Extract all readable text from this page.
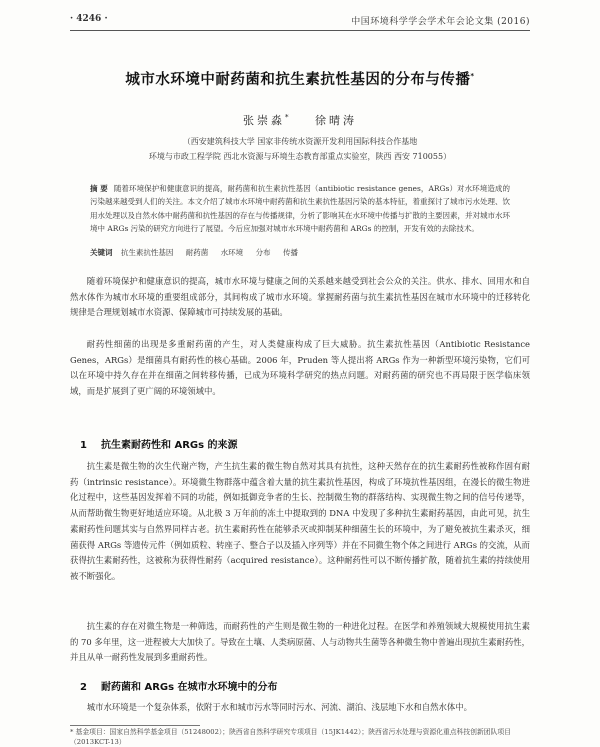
· 4246 ·	中国环境科学学会学术年会论文集 (2016)
城市水环境中耐药菌和抗生素抗性基因的分布与传播*
张崇淼* 徐晴涛
（西安建筑科技大学 国家非传统水资源开发利用国际科技合作基地
环境与市政工程学院 西北水资源与环境生态教育部重点实验室，陕西 西安 710055）
摘 要 随着环境保护和健康意识的提高，耐药菌和抗生素抗性基因（antibiotic resistance genes，ARGs）对水环境造成的污染越来越受到人们的关注。本文介绍了城市水环境中耐药菌和抗生素抗性基因污染的基本特征，着重探讨了城市污水处理、饮用水处理以及自然水体中耐药菌和抗性基因的存在与传播规律，分析了影响其在水环境中传播与扩散的主要因素，并对城市水环境中 ARGs 污染的研究方向进行了展望。今后应加强对城市水环境中耐药菌和 ARGs 的控制，开发有效的去除技术。
关键词 抗生素抗性基因 耐药菌 水环境 分布 传播

随着环境保护和健康意识的提高，城市水环境与健康之间的关系越来越受到社会公众的关注。供水、排水、回用水和自然水体作为城市水环境的重要组成部分，其间构成了城市水环境。掌握耐药菌与抗生素抗性基因在城市水环境中的迁移转化规律是合理规划城市水资源、保障城市可持续发展的基础。

耐药性细菌的出现是多重耐药菌的产生，对人类健康构成了巨大威胁。抗生素抗性基因（Antibiotic Resistance Genes，ARGs）是细菌具有耐药性的核心基础。2006 年，Pruden 等人提出将 ARGs 作为一种新型环境污染物，它们可以在环境中持久存在并在细菌之间转移传播，已成为环境科学研究的热点问题。对耐药菌的研究也不再局限于医学临床领域，而是扩展到了更广阔的环境领域中。

1 抗生素耐药性和 ARGs 的来源

抗生素是微生物的次生代谢产物，产生抗生素的微生物自然对其具有抗性，这种天然存在的抗生素耐药性被称作固有耐药（intrinsic resistance）。环境微生物群落中蕴含着大量的抗生素抗性基因，构成了环境抗性基因组，在漫长的微生物进化过程中，这些基因发挥着不同的功能，例如抵御竞争者的生长、控制微生物的群落结构、实现微生物之间的信号传递等，从而帮助微生物更好地适应环境。从北极 3 万年前的冻土中提取到的 DNA 中发现了多种抗生素耐药基因，由此可见，抗生素耐药性问题其实与自然界同样古老。抗生素耐药性在能够杀灭或抑制某种细菌生长的环境中，为了避免被抗生素杀灭，细菌获得 ARGs 等遗传元件（例如质粒、转座子、整合子以及插入序列等）并在不同微生物个体之间进行 ARGs 的交流，从而获得抗生素耐药性，这被称为获得性耐药（acquired resistance）。这种耐药性可以不断传播扩散，随着抗生素的持续使用被不断强化。

抗生素的存在对微生物是一种筛选，而耐药性的产生则是微生物的一种进化过程。在医学和养殖领域大规模使用抗生素的 70 多年里，这一进程被大大加快了。导致在土壤、人类病原菌、人与动物共生菌等各种微生物中普遍出现抗生素耐药性，并且从单一耐药性发展到多重耐药性。

2 耐药菌和 ARGs 在城市水环境中的分布

城市水环境是一个复杂体系，依附于水和城市污水等同时污水、河流、湖泊、浅层地下水和自然水体中。

* 基金项目：国家自然科学基金项目（51248002）；陕西省自然科学研究专项项目（15JK1442）；陕西省污水处理与资源化重点科技创新团队项目（2013KCT-13）
